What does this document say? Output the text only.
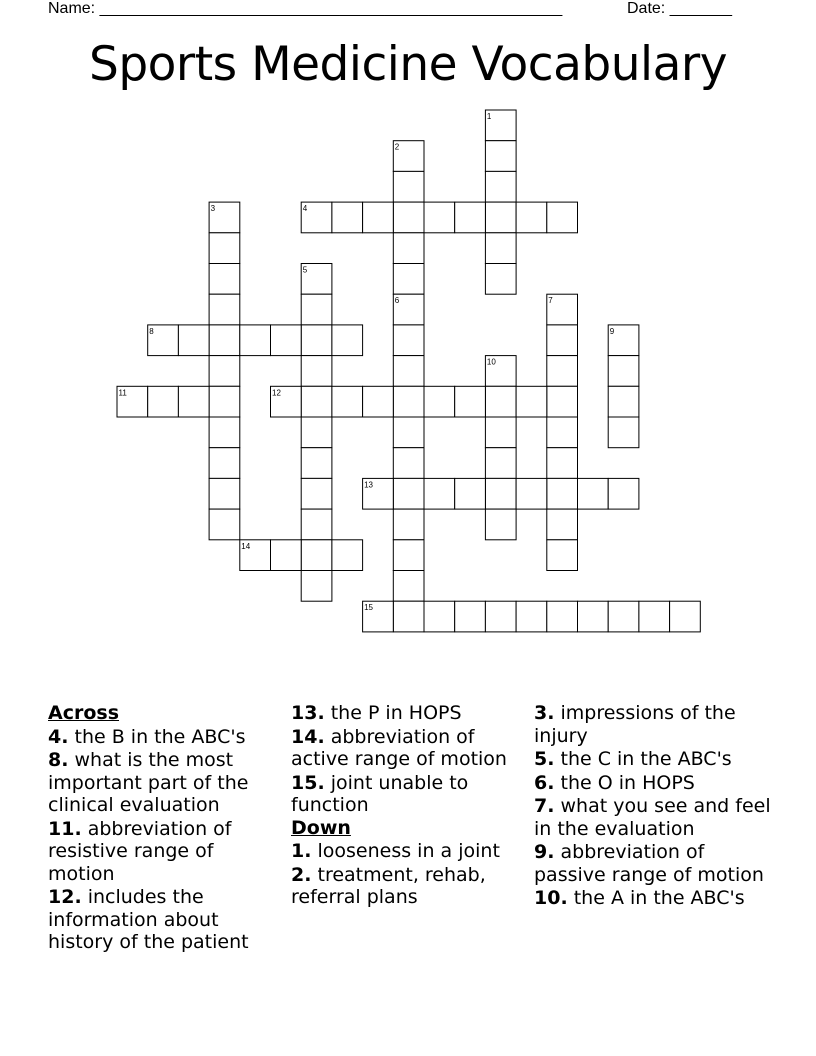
Name: ____________________________________________________	Date: _______
Sports Medicine Vocabulary
1
2
3	4
5
6	7
8	9
10
11	12
13
14
15
Across
4. the B in the ABC's
8. what is the most important part of the clinical evaluation
11. abbreviation of resistive range of motion
12. includes the information about history of the patient
13. the P in HOPS
14. abbreviation of active range of motion
15. joint unable to function
Down
1. looseness in a joint
2. treatment, rehab, referral plans
3. impressions of the injury
5. the C in the ABC's
6. the O in HOPS
7. what you see and feel in the evaluation
9. abbreviation of passive range of motion
10. the A in the ABC's
